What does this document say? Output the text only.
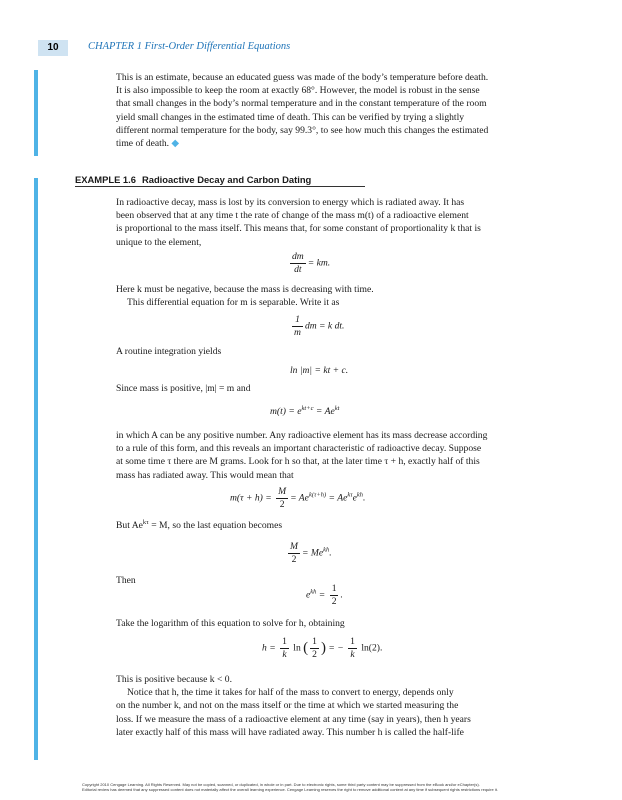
10	CHAPTER 1 First-Order Differential Equations

This is an estimate, because an educated guess was made of the body’s temperature before death.

It is also impossible to keep the room at exactly 68°. However, the model is robust in the sense

that small changes in the body’s normal temperature and in the constant temperature of the room

yield small changes in the estimated time of death. This can be verified by trying a slightly

different normal temperature for the body, say 99.3°, to see how much this changes the estimated

time of death. ◆

EXAMPLE 1.6 Radioactive Decay and Carbon Dating

In radioactive decay, mass is lost by its conversion to energy which is radiated away. It has

been observed that at any time t the rate of change of the mass m(t) of a radioactive element

is proportional to the mass itself. This means that, for some constant of proportionality k that is

unique to the element,

$\frac{dm}{dt}$ = km.

Here k must be negative, because the mass is decreasing with time.

This differential equation for m is separable. Write it as

$\frac{1}{m}$ dm = k dt.

A routine integration yields

ln |m| = kt + c.

Since mass is positive, |m| = m and

$m(t) = e^{kt+c} = Ae^{kt}$

in which A can be any positive number. Any radioactive element has its mass decrease according

to a rule of this form, and this reveals an important characteristic of radioactive decay. Suppose

at some time τ there are M grams. Look for h so that, at the later time τ + h, exactly half of this

mass has radiated away. This would mean that

$m(\tau + h) = \frac{M}{2} = Ae^{k(\tau+h)} = Ae^{k\tau}e^{kh}$.

But $Ae^{k\tau} = M$, so the last equation becomes

$\frac{M}{2} = Me^{kh}$.

Then

$e^{kh} = \frac{1}{2}$ .

Take the logarithm of this equation to solve for h, obtaining

$h = \frac{1}{k}$ ln ( $\frac{1}{2}$ ) = − $\frac{1}{k} \ln(2)$.

This is positive because k < 0.

Notice that h, the time it takes for half of the mass to convert to energy, depends only

on the number k, and not on the mass itself or the time at which we started measuring the

loss. If we measure the mass of a radioactive element at any time (say in years), then h years

later exactly half of this mass will have radiated away. This number h is called the half-life

Copyright 2010 Cengage Learning. All Rights Reserved. May not be copied, scanned, or duplicated, in whole or in part. Due to electronic rights, some third party content may be suppressed from the eBook and/or eChapter(s).
Editorial review has deemed that any suppressed content does not materially affect the overall learning experience. Cengage Learning reserves the right to remove additional content at any time if subsequent rights restrictions require it.
